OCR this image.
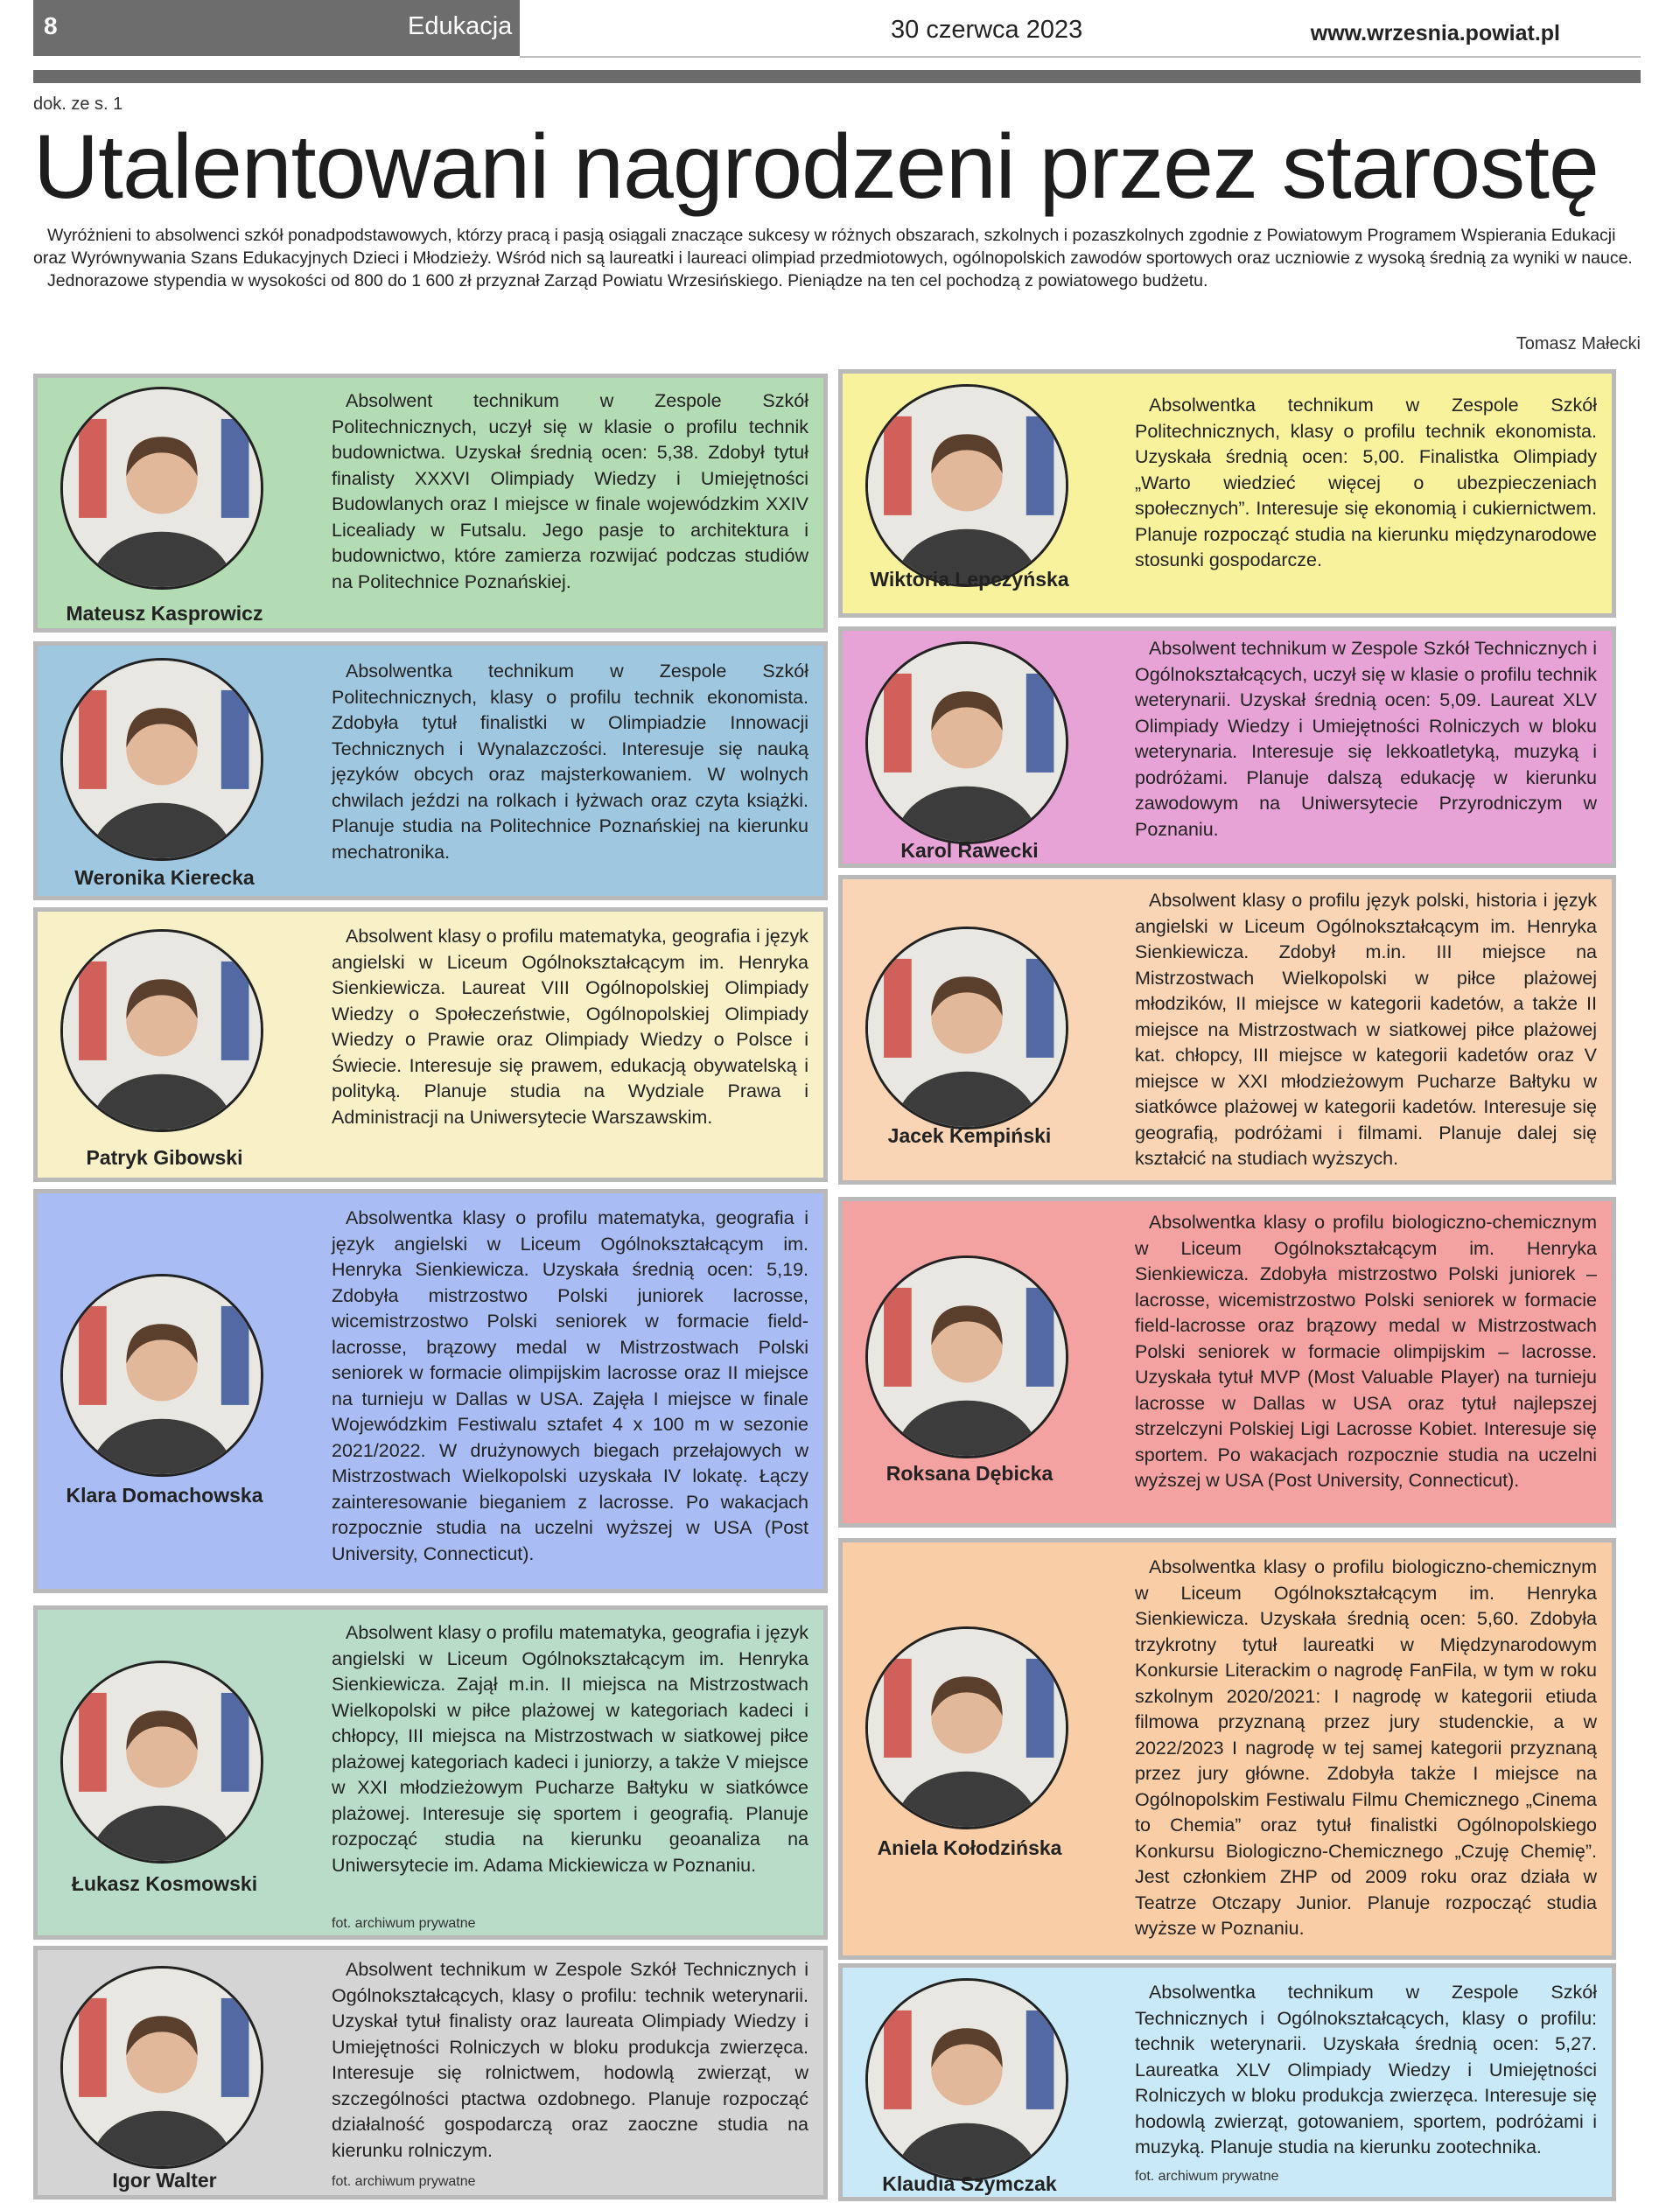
8	Edukacja	30 czerwca 2023	www.wrzesnia.powiat.pl
dok. ze s. 1
Utalentowani nagrodzeni przez starostę

Wyróżnieni to absolwenci szkół ponadpodstawowych, którzy pracą i pasją osiągali znaczące sukcesy w różnych obszarach, szkolnych i pozaszkolnych zgodnie z Powiatowym Programem Wspierania Edukacji oraz Wyrównywania Szans Edukacyjnych Dzieci i Młodzieży. Wśród nich są laureatki i laureaci olimpiad przedmiotowych, ogólnopolskich zawodów sportowych oraz uczniowie z wysoką średnią za wyniki w nauce.

Jednorazowe stypendia w wysokości od 800 do 1 600 zł przyznał Zarząd Powiatu Wrzesińskiego. Pieniądze na ten cel pochodzą z powiatowego budżetu.

Tomasz Małecki
Mateusz Kasprowicz
Absolwent technikum w Zespole Szkół Politechnicznych, uczył się w klasie o profilu technik budownictwa. Uzyskał średnią ocen: 5,38. Zdobył tytuł finalisty XXXVI Olimpiady Wiedzy i Umiejętności Budowlanych oraz I miejsce w finale wojewódzkim XXIV Licealiady w Futsalu. Jego pasje to architektura i budownictwo, które zamierza rozwijać podczas studiów na Politechnice Poznańskiej.
Weronika Kierecka
Absolwentka technikum w Zespole Szkół Politechnicznych, klasy o profilu technik ekonomista. Zdobyła tytuł finalistki w Olimpiadzie Innowacji Technicznych i Wynalazczości. Interesuje się nauką języków obcych oraz majsterkowaniem. W wolnych chwilach jeździ na rolkach i łyżwach oraz czyta książki. Planuje studia na Politechnice Poznańskiej na kierunku mechatronika.
Patryk Gibowski
Absolwent klasy o profilu matematyka, geografia i język angielski w Liceum Ogólnokształcącym im. Henryka Sienkiewicza. Laureat VIII Ogólnopolskiej Olimpiady Wiedzy o Społeczeństwie, Ogólnopolskiej Olimpiady Wiedzy o Prawie oraz Olimpiady Wiedzy o Polsce i Świecie. Interesuje się prawem, edukacją obywatelską i polityką. Planuje studia na Wydziale Prawa i Administracji na Uniwersytecie Warszawskim.
Klara Domachowska
Absolwentka klasy o profilu matematyka, geografia i język angielski w Liceum Ogólnokształcącym im. Henryka Sienkiewicza. Uzyskała średnią ocen: 5,19. Zdobyła mistrzostwo Polski juniorek lacrosse, wicemistrzostwo Polski seniorek w formacie field-lacrosse, brązowy medal w Mistrzostwach Polski seniorek w formacie olimpijskim lacrosse oraz II miejsce na turnieju w Dallas w USA. Zajęła I miejsce w finale Wojewódzkim Festiwalu sztafet 4 x 100 m w sezonie 2021/2022. W drużynowych biegach przełajowych w Mistrzostwach Wielkopolski uzyskała IV lokatę. Łączy zainteresowanie bieganiem z lacrosse. Po wakacjach rozpocznie studia na uczelni wyższej w USA (Post University, Connecticut).
Łukasz Kosmowski
Absolwent klasy o profilu matematyka, geografia i język angielski w Liceum Ogólnokształcącym im. Henryka Sienkiewicza. Zajął m.in. II miejsca na Mistrzostwach Wielkopolski w piłce plażowej w kategoriach kadeci i chłopcy, III miejsca na Mistrzostwach w siatkowej piłce plażowej kategoriach kadeci i juniorzy, a także V miejsce w XXI młodzieżowym Pucharze Bałtyku w siatkówce plażowej. Interesuje się sportem i geografią. Planuje rozpocząć studia na kierunku geoanaliza na Uniwersytecie im. Adama Mickiewicza w Poznaniu.
fot. archiwum prywatne
Igor Walter
Absolwent technikum w Zespole Szkół Technicznych i Ogólnokształcących, klasy o profilu: technik weterynarii. Uzyskał tytuł finalisty oraz laureata Olimpiady Wiedzy i Umiejętności Rolniczych w bloku produkcja zwierzęca. Interesuje się rolnictwem, hodowlą zwierząt, w szczególności ptactwa ozdobnego. Planuje rozpocząć działalność gospodarczą oraz zaoczne studia na kierunku rolniczym.
fot. archiwum prywatne
Wiktoria Lepczyńska
Absolwentka technikum w Zespole Szkół Politechnicznych, klasy o profilu technik ekonomista. Uzyskała średnią ocen: 5,00. Finalistka Olimpiady „Warto wiedzieć więcej o ubezpieczeniach społecznych”. Interesuje się ekonomią i cukiernictwem. Planuje rozpocząć studia na kierunku międzynarodowe stosunki gospodarcze.
Karol Rawecki
Absolwent technikum w Zespole Szkół Technicznych i Ogólnokształcących, uczył się w klasie o profilu technik weterynarii. Uzyskał średnią ocen: 5,09. Laureat XLV Olimpiady Wiedzy i Umiejętności Rolniczych w bloku weterynaria. Interesuje się lekkoatletyką, muzyką i podróżami. Planuje dalszą edukację w kierunku zawodowym na Uniwersytecie Przyrodniczym w Poznaniu.
Jacek Kempiński
Absolwent klasy o profilu język polski, historia i język angielski w Liceum Ogólnokształcącym im. Henryka Sienkiewicza. Zdobył m.in. III miejsce na Mistrzostwach Wielkopolski w piłce plażowej młodzików, II miejsce w kategorii kadetów, a także II miejsce na Mistrzostwach w siatkowej piłce plażowej kat. chłopcy, III miejsce w kategorii kadetów oraz V miejsce w XXI młodzieżowym Pucharze Bałtyku w siatkówce plażowej w kategorii kadetów. Interesuje się geografią, podróżami i filmami. Planuje dalej się kształcić na studiach wyższych.
Roksana Dębicka
Absolwentka klasy o profilu biologiczno-chemicznym w Liceum Ogólnokształcącym im. Henryka Sienkiewicza. Zdobyła mistrzostwo Polski juniorek – lacrosse, wicemistrzostwo Polski seniorek w formacie field-lacrosse oraz brązowy medal w Mistrzostwach Polski seniorek w formacie olimpijskim – lacrosse. Uzyskała tytuł MVP (Most Valuable Player) na turnieju lacrosse w Dallas w USA oraz tytuł najlepszej strzelczyni Polskiej Ligi Lacrosse Kobiet. Interesuje się sportem. Po wakacjach rozpocznie studia na uczelni wyższej w USA (Post University, Connecticut).
Aniela Kołodzińska
Absolwentka klasy o profilu biologiczno-chemicznym w Liceum Ogólnokształcącym im. Henryka Sienkiewicza. Uzyskała średnią ocen: 5,60. Zdobyła trzykrotny tytuł laureatki w Międzynarodowym Konkursie Literackim o nagrodę FanFila, w tym w roku szkolnym 2020/2021: I nagrodę w kategorii etiuda filmowa przyznaną przez jury studenckie, a w 2022/2023 I nagrodę w tej samej kategorii przyznaną przez jury główne. Zdobyła także I miejsce na Ogólnopolskim Festiwalu Filmu Chemicznego „Cinema to Chemia” oraz tytuł finalistki Ogólnopolskiego Konkursu Biologiczno-Chemicznego „Czuję Chemię”. Jest członkiem ZHP od 2009 roku oraz działa w Teatrze Otczapy Junior. Planuje rozpocząć studia wyższe w Poznaniu.
Klaudia Szymczak
Absolwentka technikum w Zespole Szkół Technicznych i Ogólnokształcących, klasy o profilu: technik weterynarii. Uzyskała średnią ocen: 5,27. Laureatka XLV Olimpiady Wiedzy i Umiejętności Rolniczych w bloku produkcja zwierzęca. Interesuje się hodowlą zwierząt, gotowaniem, sportem, podróżami i muzyką. Planuje studia na kierunku zootechnika.
fot. archiwum prywatne
